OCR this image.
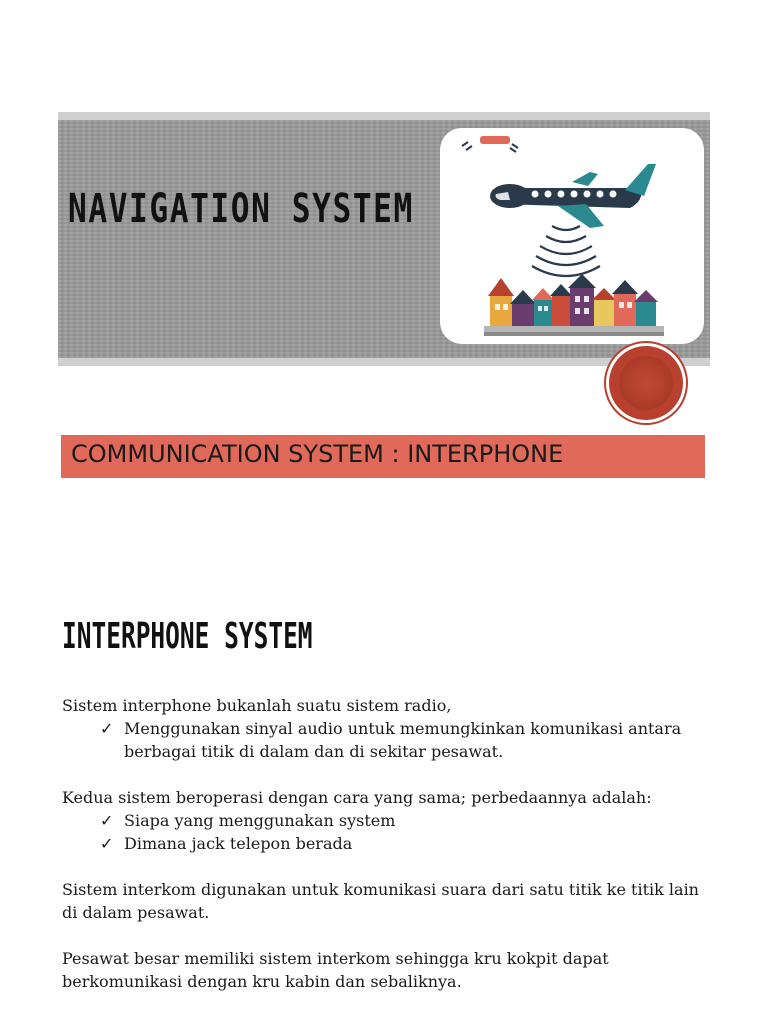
NAVIGATION SYSTEM
COMMUNICATION SYSTEM : INTERPHONE
INTERPHONE SYSTEM

Sistem interphone bukanlah suatu sistem radio,

✓ Menggunakan sinyal audio untuk memungkinkan komunikasi antara berbagai titik di dalam dan di sekitar pesawat.

Kedua sistem beroperasi dengan cara yang sama; perbedaannya adalah:

✓ Siapa yang menggunakan system
✓ Dimana jack telepon berada

Sistem interkom digunakan untuk komunikasi suara dari satu titik ke titik lain di dalam pesawat.

Pesawat besar memiliki sistem interkom sehingga kru kokpit dapat berkomunikasi dengan kru kabin dan sebaliknya.
